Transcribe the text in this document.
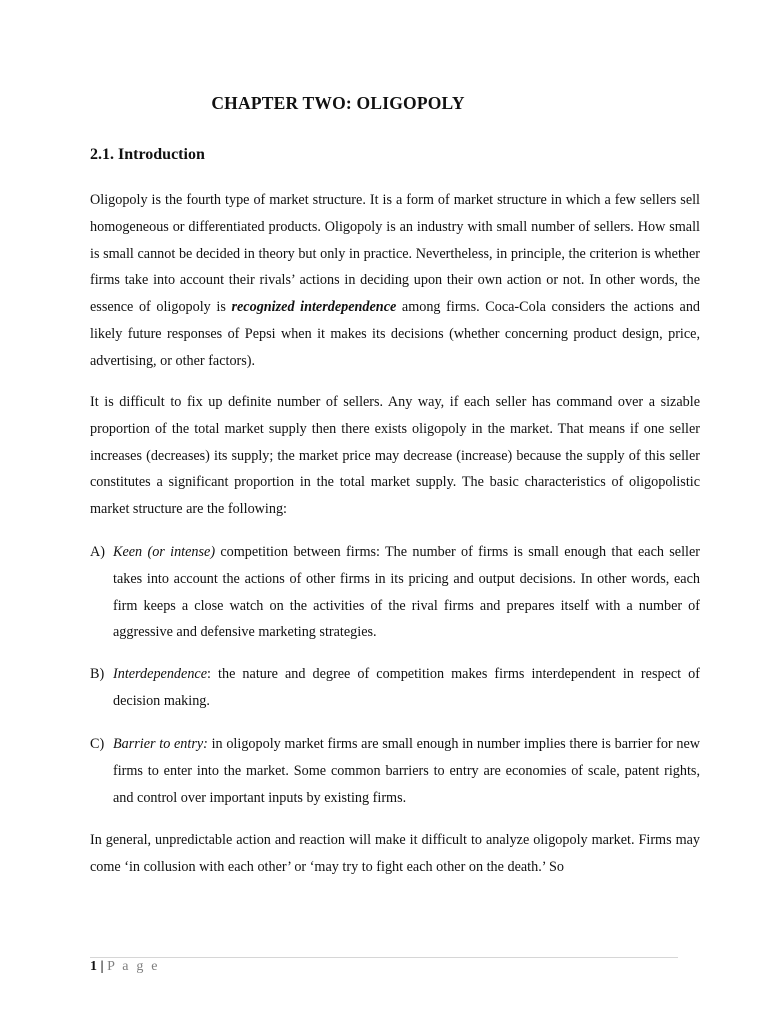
CHAPTER TWO: OLIGOPOLY
2.1. Introduction

Oligopoly is the fourth type of market structure. It is a form of market structure in which a few sellers sell homogeneous or differentiated products. Oligopoly is an industry with small number of sellers. How small is small cannot be decided in theory but only in practice. Nevertheless, in principle, the criterion is whether firms take into account their rivals’ actions in deciding upon their own action or not. In other words, the essence of oligopoly is recognized interdependence among firms. Coca-Cola considers the actions and likely future responses of Pepsi when it makes its decisions (whether concerning product design, price, advertising, or other factors).

It is difficult to fix up definite number of sellers. Any way, if each seller has command over a sizable proportion of the total market supply then there exists oligopoly in the market. That means if one seller increases (decreases) its supply; the market price may decrease (increase) because the supply of this seller constitutes a significant proportion in the total market supply. The basic characteristics of oligopolistic market structure are the following:

A) Keen (or intense) competition between firms: The number of firms is small enough that each seller takes into account the actions of other firms in its pricing and output decisions. In other words, each firm keeps a close watch on the activities of the rival firms and prepares itself with a number of aggressive and defensive marketing strategies.
B) Interdependence: the nature and degree of competition makes firms interdependent in respect of decision making.
C) Barrier to entry: in oligopoly market firms are small enough in number implies there is barrier for new firms to enter into the market. Some common barriers to entry are economies of scale, patent rights, and control over important inputs by existing firms.

In general, unpredictable action and reaction will make it difficult to analyze oligopoly market. Firms may come ‘in collusion with each other’ or ‘may try to fight each other on the death.’ So

1 | P a g e
